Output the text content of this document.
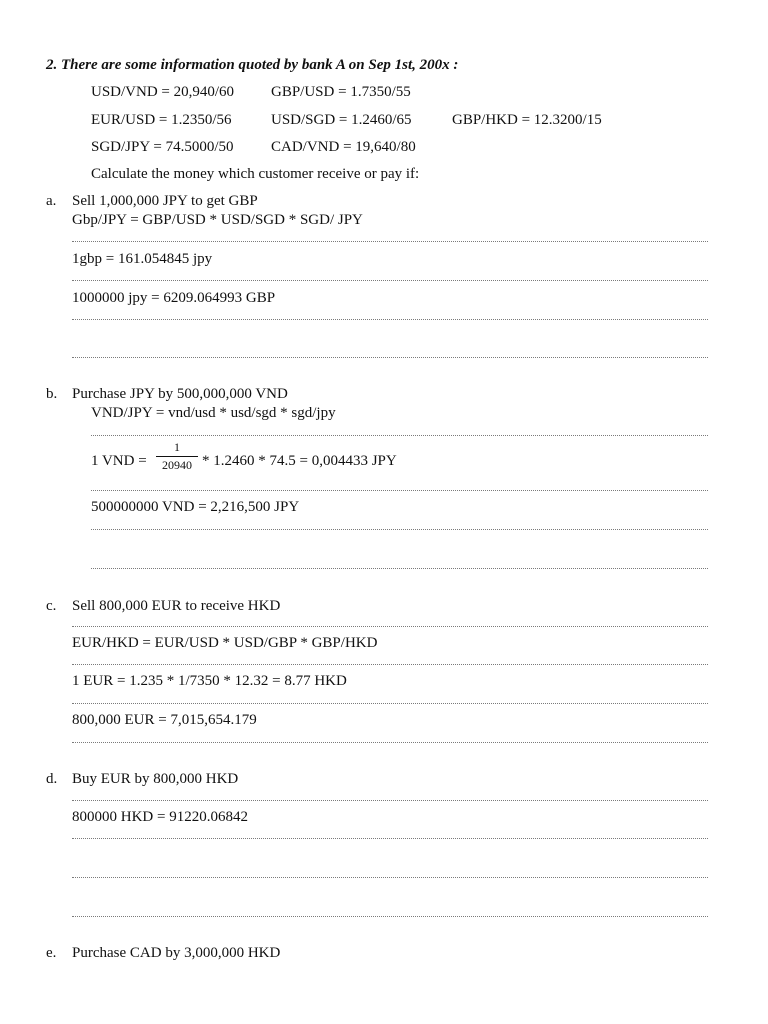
2. There are some information quoted by bank A on Sep 1st, 200x :
USD/VND = 20,940/60 GBP/USD = 1.7350/55
EUR/USD = 1.2350/56	USD/SGD = 1.2460/65	GBP/HKD = 12.3200/15
SGD/JPY = 74.5000/50 CAD/VND = 19,640/80
Calculate the money which customer receive or pay if:
a. Sell 1,000,000 JPY to get GBP
Gbp/JPY = GBP/USD * USD/SGD * SGD/ JPY
1gbp = 161.054845 jpy
1000000 jpy = 6209.064993 GBP
b. Purchase JPY by 500,000,000 VND
VND/JPY = vnd/usd * usd/sgd * sgd/jpy
1 VND =
1
20940 * 1.2460 * 74.5 = 0,004433 JPY
500000000 VND = 2,216,500 JPY
c. Sell 800,000 EUR to receive HKD
EUR/HKD = EUR/USD * USD/GBP * GBP/HKD
1 EUR = 1.235 * 1/7350 * 12.32 = 8.77 HKD
800,000 EUR = 7,015,654.179
d. Buy EUR by 800,000 HKD
800000 HKD = 91220.06842
e. Purchase CAD by 3,000,000 HKD
